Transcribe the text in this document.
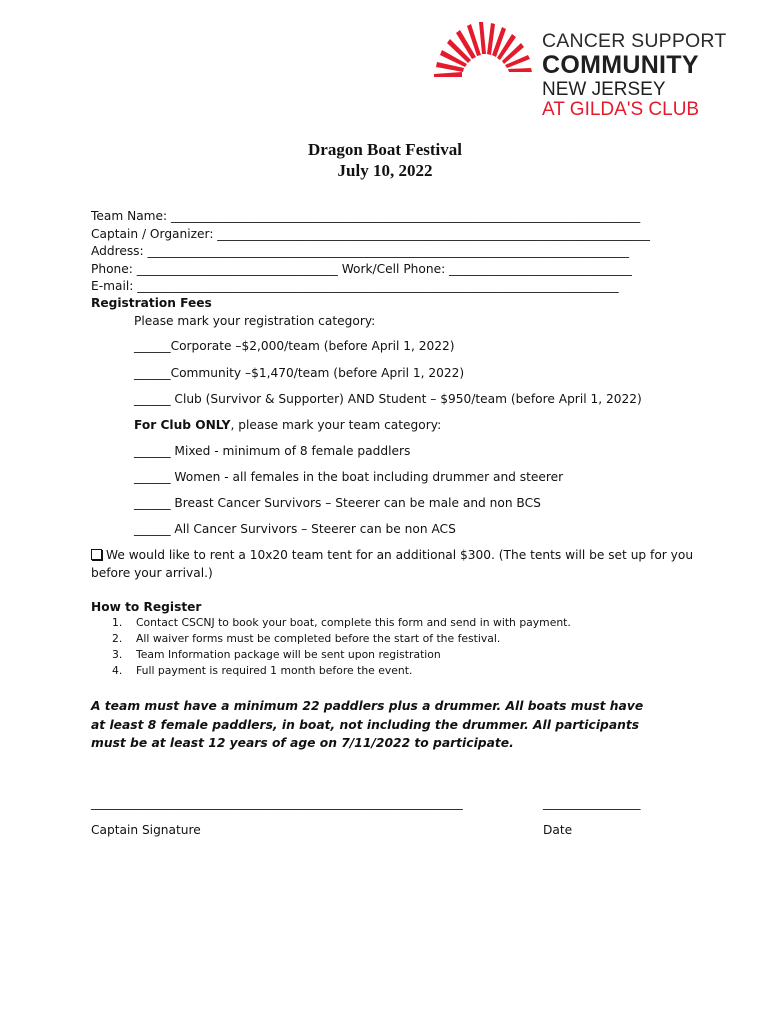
CANCER SUPPORT
COMMUNITY
NEW JERSEY
AT GILDA'S CLUB
Dragon Boat Festival
July 10, 2022
Team Name: _____________________________________________________________________________
Captain / Organizer: _______________________________________________________________________
Address: _______________________________________________________________________________
Phone: _________________________________ Work/Cell Phone: ______________________________
E-mail: _______________________________________________________________________________
Registration Fees
Please mark your registration category:
______Corporate –$2,000/team (before April 1, 2022)
______Community –$1,470/team (before April 1, 2022)
______ Club (Survivor & Supporter) AND Student – $950/team (before April 1, 2022)
For Club ONLY, please mark your team category:
______ Mixed - minimum of 8 female paddlers
______ Women - all females in the boat including drummer and steerer
______ Breast Cancer Survivors – Steerer can be male and non BCS
______ All Cancer Survivors – Steerer can be non ACS
We would like to rent a 10x20 team tent for an additional $300. (The tents will be set up for you
before your arrival.)
How to Register
1. Contact CSCNJ to book your boat, complete this form and send in with payment.
2. All waiver forms must be completed before the start of the festival.
3. Team Information package will be sent upon registration
4. Full payment is required 1 month before the event.
A team must have a minimum 22 paddlers plus a drummer. All boats must have at least 8 female paddlers, in boat, not including the drummer. All participants must be at least 12 years of age on 7/11/2022 to participate.
_____________________________________________________________	________________
Captain Signature	Date
